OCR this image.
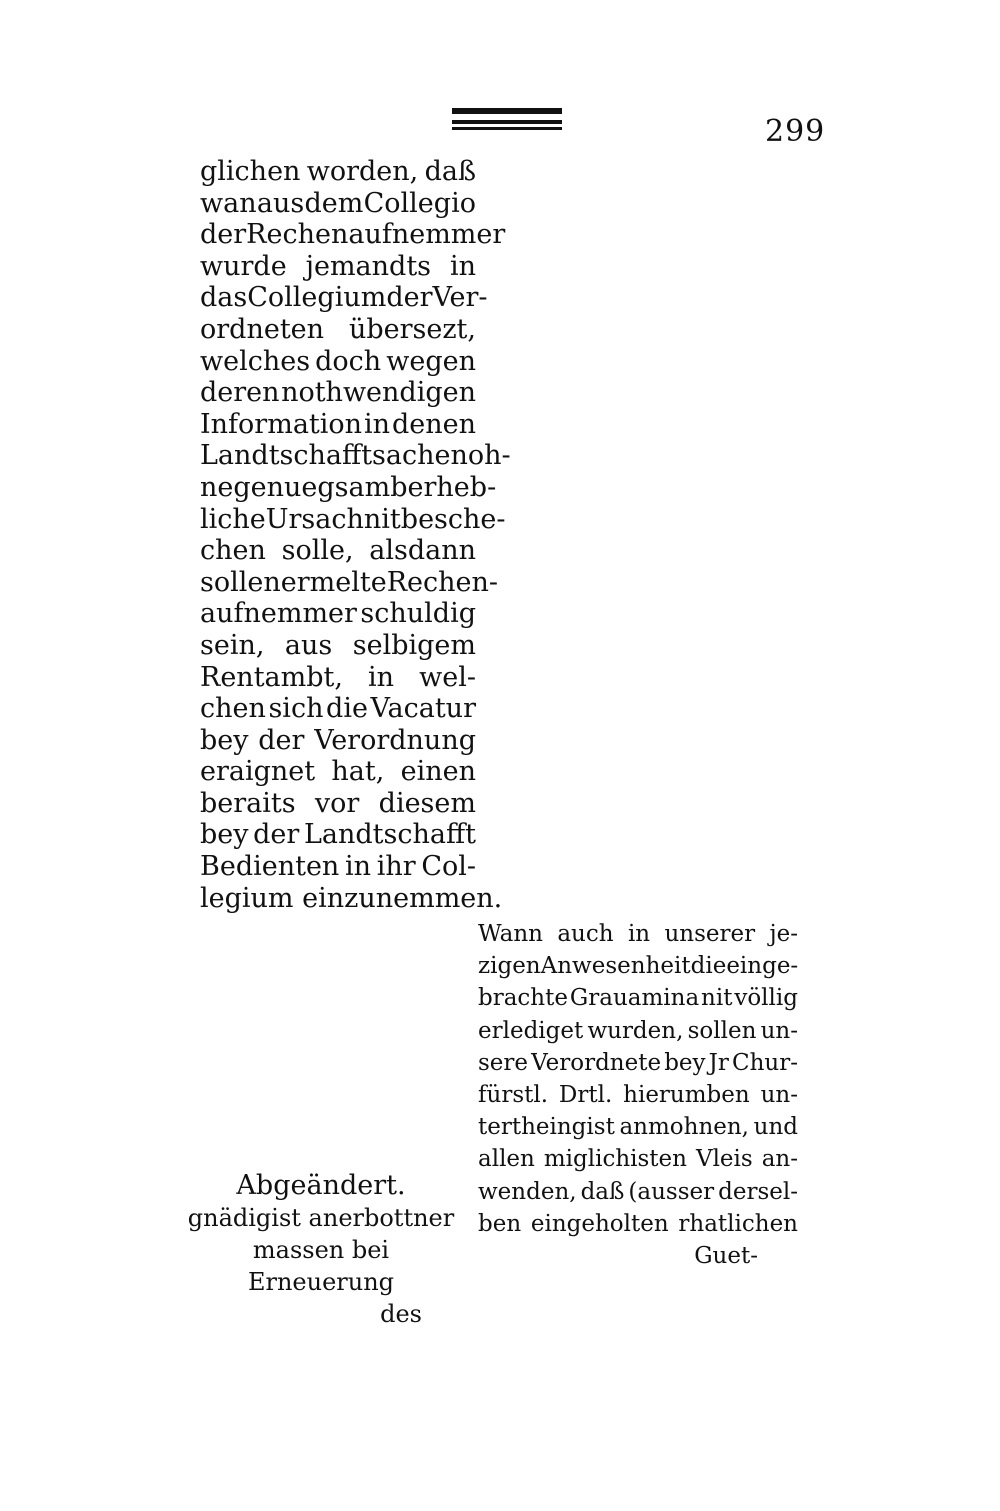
299
glichen worden, daß
wan aus dem Collegio
der Rechenaufnemmer
wurde jemandts in
das Collegium der Ver-
ordneten übersezt,
welches doch wegen
deren nothwendigen
Information in denen
Landtschafftsachen oh-
ne genuegsamb erheb-
liche Ursach nit besche-
chen solle, alsdann
sollen ermelte Rechen-
aufnemmer schuldig
sein, aus selbigem
Rentambt, in wel-
chen sich die Vacatur
bey der Verordnung
eraignet hat, einen
beraits vor diesem
bey der Landtschafft
Bedienten in ihr Col-
legium einzunemmen.
Wann auch in unserer je-
zigen Anwesenheit die einge-
brachte Grauamina nit völlig
erlediget wurden, sollen un-
sere Verordnete bey Jr Chur-
fürstl. Drtl. hierumben un-
tertheingist anmohnen, und
allen miglichisten Vleis an-
wenden, daß (ausser dersel-
ben eingeholten rhatlichen
Guet-
Abgeändert.
gnädigist anerbottner
massen bei Erneuerung
des
